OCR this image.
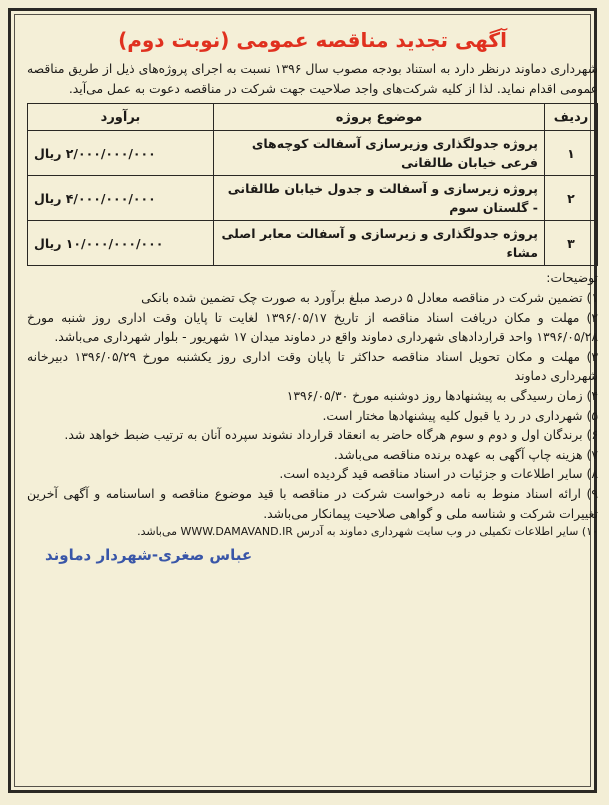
آگهی تجدید مناقصه عمومی (نوبت دوم)
شهرداری دماوند درنظر دارد به استناد بودجه مصوب سال ۱۳۹۶ نسبت به اجرای پروژه‌های ذیل از طریق مناقصه عمومی اقدام نماید. لذا از کلیه شرکت‌های واجد صلاحیت جهت شرکت در مناقصه دعوت به عمل می‌آید.
ردیف	موضوع پروژه	برآورد
۱	پروژه جدولگذاری وزیرسازی آسفالت کوچه‌های فرعی خیابان طالقانی	۲/۰۰۰/۰۰۰/۰۰۰ ریال
۲	پروژه زیرسازی و آسفالت و جدول خیابان طالقانی - گلستان سوم	۴/۰۰۰/۰۰۰/۰۰۰ ریال
۳	پروژه جدولگذاری و زیرسازی و آسفالت معابر اصلی مشاء	۱۰/۰۰۰/۰۰۰/۰۰۰ ریال
توضیحات:
۱) تضمین شرکت در مناقصه معادل ۵ درصد مبلغ برآورد به صورت چک تضمین شده بانکی
۲) مهلت و مکان دریافت اسناد مناقصه از تاریخ ۱۳۹۶/۰۵/۱۷ لغایت تا پایان وقت اداری روز شنبه مورخ ۱۳۹۶/۰۵/۲۸ واحد قراردادهای شهرداری دماوند واقع در دماوند میدان ۱۷ شهریور - بلوار شهرداری می‌باشد.
۳) مهلت و مکان تحویل اسناد مناقصه حداکثر تا پایان وقت اداری روز یکشنبه مورخ ۱۳۹۶/۰۵/۲۹ دبیرخانه شهرداری دماوند
۴) زمان رسیدگی به پیشنهادها روز دوشنبه مورخ ۱۳۹۶/۰۵/۳۰
۵) شهرداری در رد یا قبول کلیه پیشنهادها مختار است.
۶) برندگان اول و دوم و سوم هرگاه حاضر به انعقاد قرارداد نشوند سپرده آنان به ترتیب ضبط خواهد شد.
۷) هزینه چاپ آگهی به عهده برنده مناقصه می‌باشد.
۸) سایر اطلاعات و جزئیات در اسناد مناقصه قید گردیده است.
۹) ارائه اسناد منوط به نامه درخواست شرکت در مناقصه با قید موضوع مناقصه و اساسنامه و آگهی آخرین تغییرات شرکت و شناسه ملی و گواهی صلاحیت پیمانکار می‌باشد.
۱۰) سایر اطلاعات تکمیلی در وب سایت شهرداری دماوند به آدرس WWW.DAMAVAND.IR می‌باشد.
عباس صغری-شهردار دماوند
